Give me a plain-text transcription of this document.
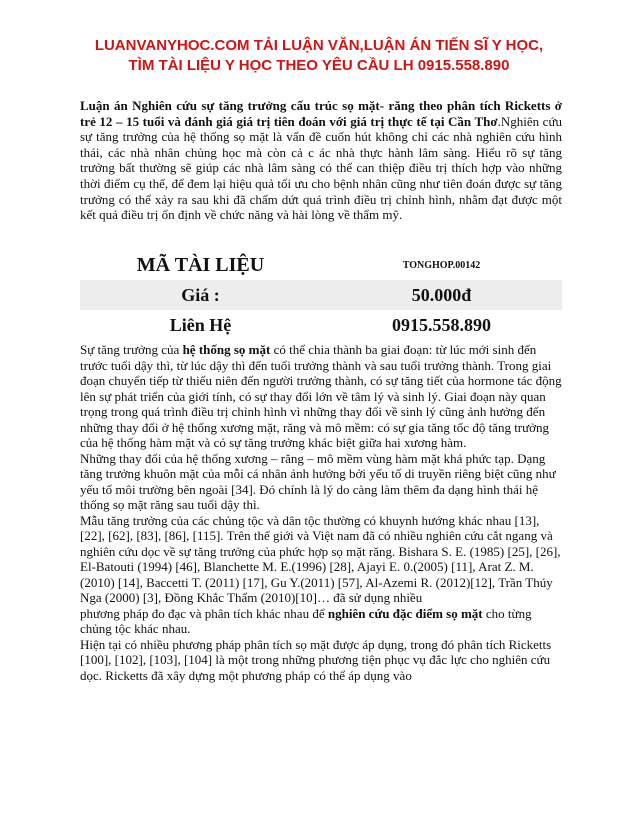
LUANVANYHOC.COM TẢI LUẬN VĂN,LUẬN ÁN TIẾN SĨ Y HỌC,
TÌM TÀI LIỆU Y HỌC THEO YÊU CẦU LH 0915.558.890
Luận án Nghiên cứu sự tăng trưởng cấu trúc sọ mặt- răng theo phân tích Ricketts ở trẻ 12 – 15 tuổi và đánh giá giá trị tiên đoán với giá trị thực tế tại Cần Thơ.Nghiên cứu sự tăng trưởng của hệ thống sọ mặt là vấn đề cuốn hút không chỉ các nhà nghiên cứu hình thái, các nhà nhân chủng học mà còn cả c ác nhà thực hành lâm sàng. Hiểu rõ sự tăng trưởng bất thường sẽ giúp các nhà lâm sàng có thể can thiệp điều trị thích hợp vào những thời điểm cụ thể, để đem lại hiệu quả tối ưu cho bệnh nhân cũng như tiên đoán được sự tăng trưởng có thể xảy ra sau khi đã chấm dứt quá trình điều trị chỉnh hình, nhằm đạt được một kết quả điều trị ổn định về chức năng và hài lòng về thẩm mỹ.
MÃ TÀI LIỆU	TONGHOP.00142
Giá :	50.000đ
Liên Hệ	0915.558.890

Sự tăng trưởng của hệ thống sọ mặt có thể chia thành ba giai đoạn: từ lúc mới sinh đến trước tuổi dậy thì, từ lúc dậy thì đến tuổi trưởng thành và sau tuổi trưởng thành. Trong giai đoạn chuyển tiếp từ thiếu niên đến người trưởng thành, có sự tăng tiết của hormone tác động lên sự phát triển của giới tính, có sự thay đổi lớn về tâm lý và sinh lý. Giai đoạn này quan trọng trong quá trình điều trị chỉnh hình vì những thay đổi về sinh lý cũng ảnh hưởng đến những thay đổi ở hệ thống xương mặt, răng và mô mềm: có sự gia tăng tốc độ tăng trưởng của hệ thống hàm mặt và có sự tăng trưởng khác biệt giữa hai xương hàm.

Những thay đổi của hệ thống xương – răng – mô mềm vùng hàm mặt khá phức tạp. Dạng tăng trưởng khuôn mặt của mỗi cá nhân ảnh hưởng bởi yếu tố di truyền riêng biệt cũng như yếu tố môi trường bên ngoài [34]. Đó chính là lý do càng làm thêm đa dạng hình thái hệ thống sọ mặt răng sau tuổi dậy thì.

Mẫu tăng trưởng của các chủng tộc và dân tộc thường có khuynh hướng khác nhau [13], [22], [62], [83], [86], [115]. Trên thế giới và Việt nam đã có nhiều nghiên cứu cắt ngang và nghiên cứu dọc về sự tăng trưởng của phức hợp sọ mặt răng. Bishara S. E. (1985) [25], [26], El-Batouti (1994) [46], Blanchette M. E.(1996) [28], Ajayi E. 0.(2005) [11], Arat Z. M. (2010) [14], Baccetti T. (2011) [17], Gu Y.(2011) [57], Al-Azemi R. (2012)[12], Trần Thúy Nga (2000) [3], Đồng Khắc Thẩm (2010)[10]… đã sử dụng nhiều

phương pháp đo đạc và phân tích khác nhau để nghiên cứu đặc điểm sọ mặt cho từng chủng tộc khác nhau.

Hiện tại có nhiều phương pháp phân tích sọ mặt được áp dụng, trong đó phân tích Ricketts [100], [102], [103], [104] là một trong những phương tiện phục vụ đắc lực cho nghiên cứu dọc. Ricketts đã xây dựng một phương pháp có thể áp dụng vào
